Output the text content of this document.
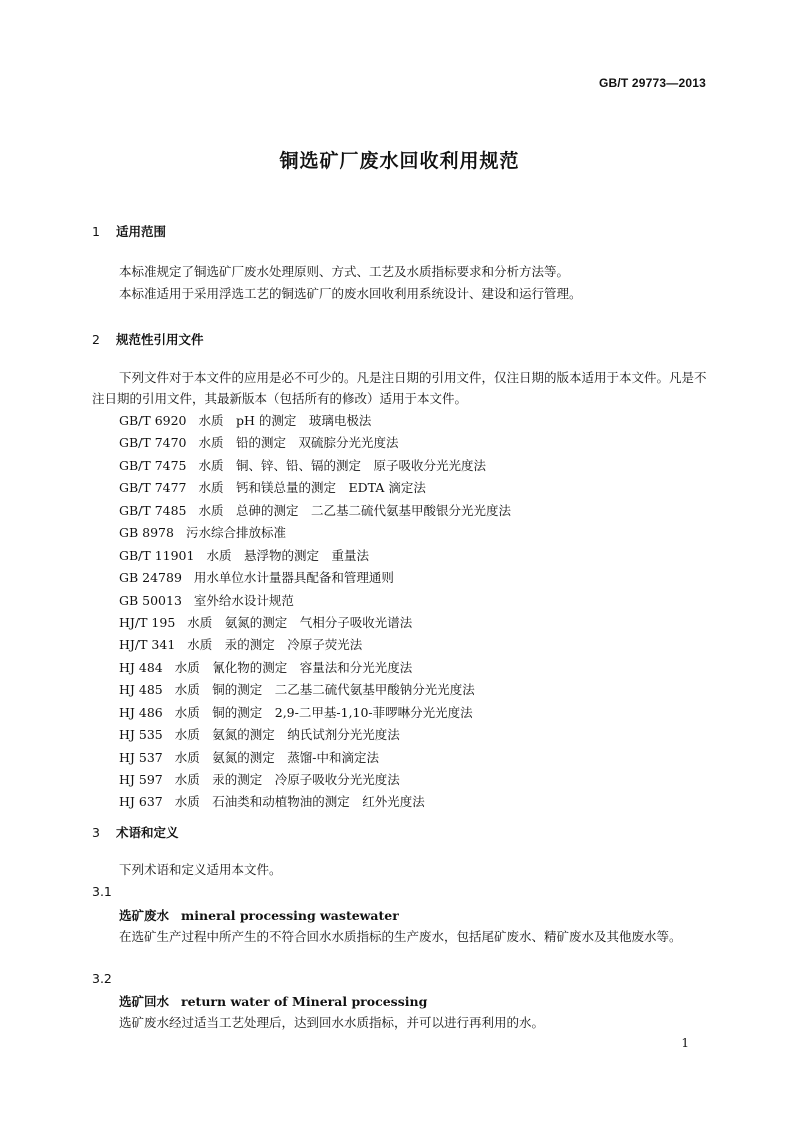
GB/T 29773—2013
铜选矿厂废水回收利用规范
1 适用范围
本标准规定了铜选矿厂废水处理原则、方式、工艺及水质指标要求和分析方法等。
本标准适用于采用浮选工艺的铜选矿厂的废水回收利用系统设计、建设和运行管理。
2 规范性引用文件
下列文件对于本文件的应用是必不可少的。凡是注日期的引用文件，仅注日期的版本适用于本文件。凡是不注日期的引用文件，其最新版本（包括所有的修改）适用于本文件。
GB/T 6920 水质　pH 的测定　玻璃电极法
GB/T 7470 水质　铅的测定　双硫腙分光光度法
GB/T 7475 水质　铜、锌、铅、镉的测定　原子吸收分光光度法
GB/T 7477 水质　钙和镁总量的测定　EDTA 滴定法
GB/T 7485 水质　总砷的测定　二乙基二硫代氨基甲酸银分光光度法
GB 8978 污水综合排放标准
GB/T 11901 水质　悬浮物的测定　重量法
GB 24789 用水单位水计量器具配备和管理通则
GB 50013 室外给水设计规范
HJ/T 195 水质　氨氮的测定　气相分子吸收光谱法
HJ/T 341 水质　汞的测定　冷原子荧光法
HJ 484 水质　氰化物的测定　容量法和分光光度法
HJ 485 水质　铜的测定　二乙基二硫代氨基甲酸钠分光光度法
HJ 486 水质　铜的测定　2,9-二甲基-1,10-菲啰啉分光光度法
HJ 535 水质　氨氮的测定　纳氏试剂分光光度法
HJ 537 水质　氨氮的测定　蒸馏-中和滴定法
HJ 597 水质　汞的测定　冷原子吸收分光光度法
HJ 637 水质　石油类和动植物油的测定　红外光度法
3 术语和定义
下列术语和定义适用本文件。
3.1
选矿废水 mineral processing wastewater
在选矿生产过程中所产生的不符合回水水质指标的生产废水，包括尾矿废水、精矿废水及其他废水等。
3.2
选矿回水 return water of Mineral processing
选矿废水经过适当工艺处理后，达到回水水质指标，并可以进行再利用的水。
1
